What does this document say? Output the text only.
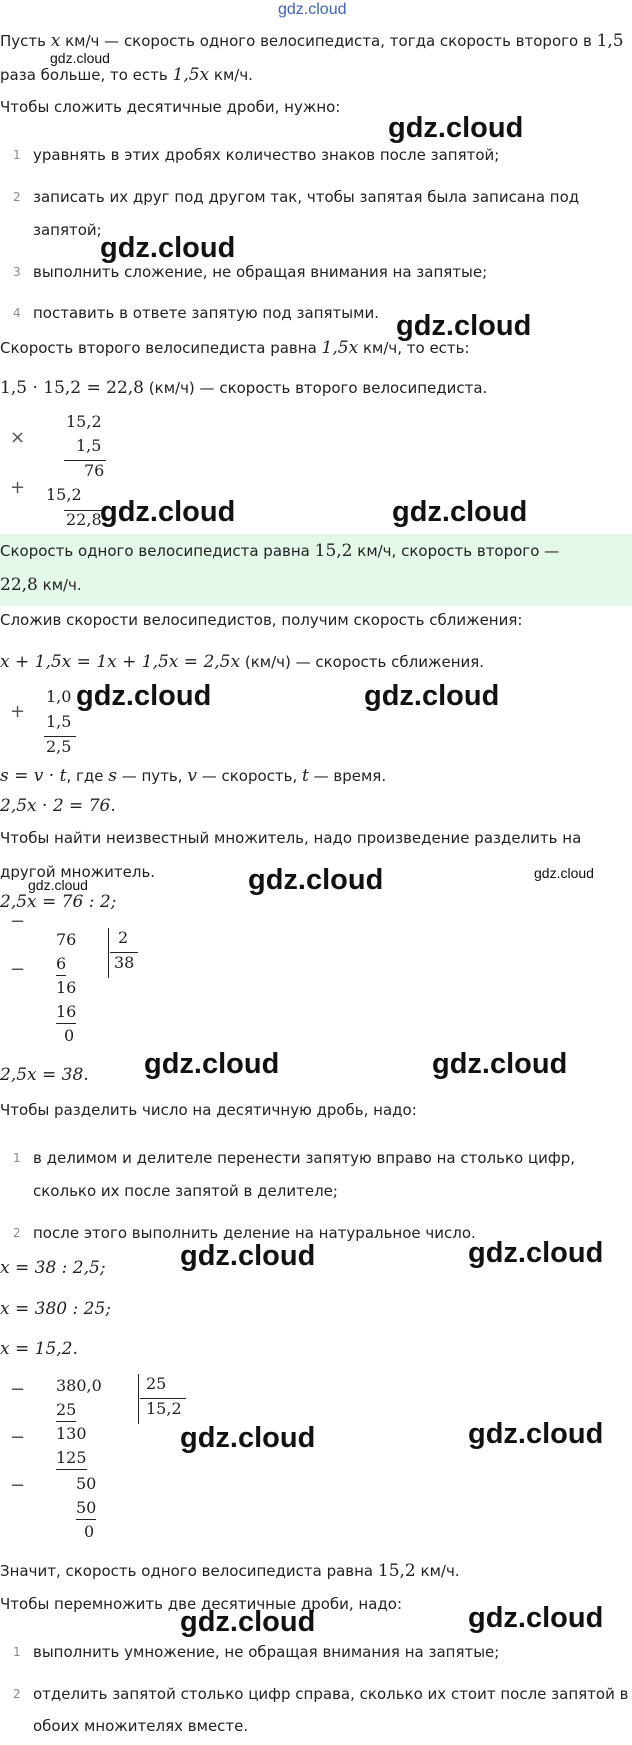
gdz.cloud
Пусть x км/ч — скорость одного велосипедиста, тогда скорость второго в 1,5
gdz.cloud
раза больше, то есть 1,5x км/ч.
Чтобы сложить десятичные дроби, нужно:
gdz.cloud
1 уравнять в этих дробях количество знаков после запятой;
2 записать их друг под другом так, чтобы запятая была записана под
запятой;
gdz.cloud
3 выполнить сложение, не обращая внимания на запятые;
4 поставить в ответе запятую под запятыми. gdz.cloud
Скорость второго велосипедиста равна 1,5x км/ч, то есть:
1,5 · 15,2 = 22,8 (км/ч) — скорость второго велосипедиста.
×
+
15,2
1,5
76
15,2
22,8
gdz.cloud	gdz.cloud
Скорость одного велосипедиста равна 15,2 км/ч, скорость второго —
22,8 км/ч.
Сложив скорости велосипедистов, получим скорость сближения:
x + 1,5x = 1x + 1,5x = 2,5x (км/ч) — скорость сближения.
+
1,0
1,5
2,5
gdz.cloud	gdz.cloud
s = v · t, где s — путь, v — скорость, t — время.
2,5x · 2 = 76.
Чтобы найти неизвестный множитель, надо произведение разделить на
другой множитель.
gdz.cloud	gdz.cloud	gdz.cloud
2,5x = 76 : 2;
−
−
76
6
16
16
0
2
38
2,5x = 38. gdz.cloud	gdz.cloud
Чтобы разделить число на десятичную дробь, надо:
1 в делимом и делителе перенести запятую вправо на столько цифр,
сколько их после запятой в делителе;
2 после этого выполнить деление на натуральное число.
x = 38 : 2,5;	gdz.cloud	gdz.cloud
x = 380 : 25;
x = 15,2.
−
−
−
380,0
25
130
125
50
50
0
25
15,2
gdz.cloud	gdz.cloud
Значит, скорость одного велосипедиста равна 15,2 км/ч.
Чтобы перемножить две десятичные дроби, надо:
gdz.cloud	gdz.cloud
1 выполнить умножение, не обращая внимания на запятые;
2 отделить запятой столько цифр справа, сколько их стоит после запятой в
обоих множителях вместе.
